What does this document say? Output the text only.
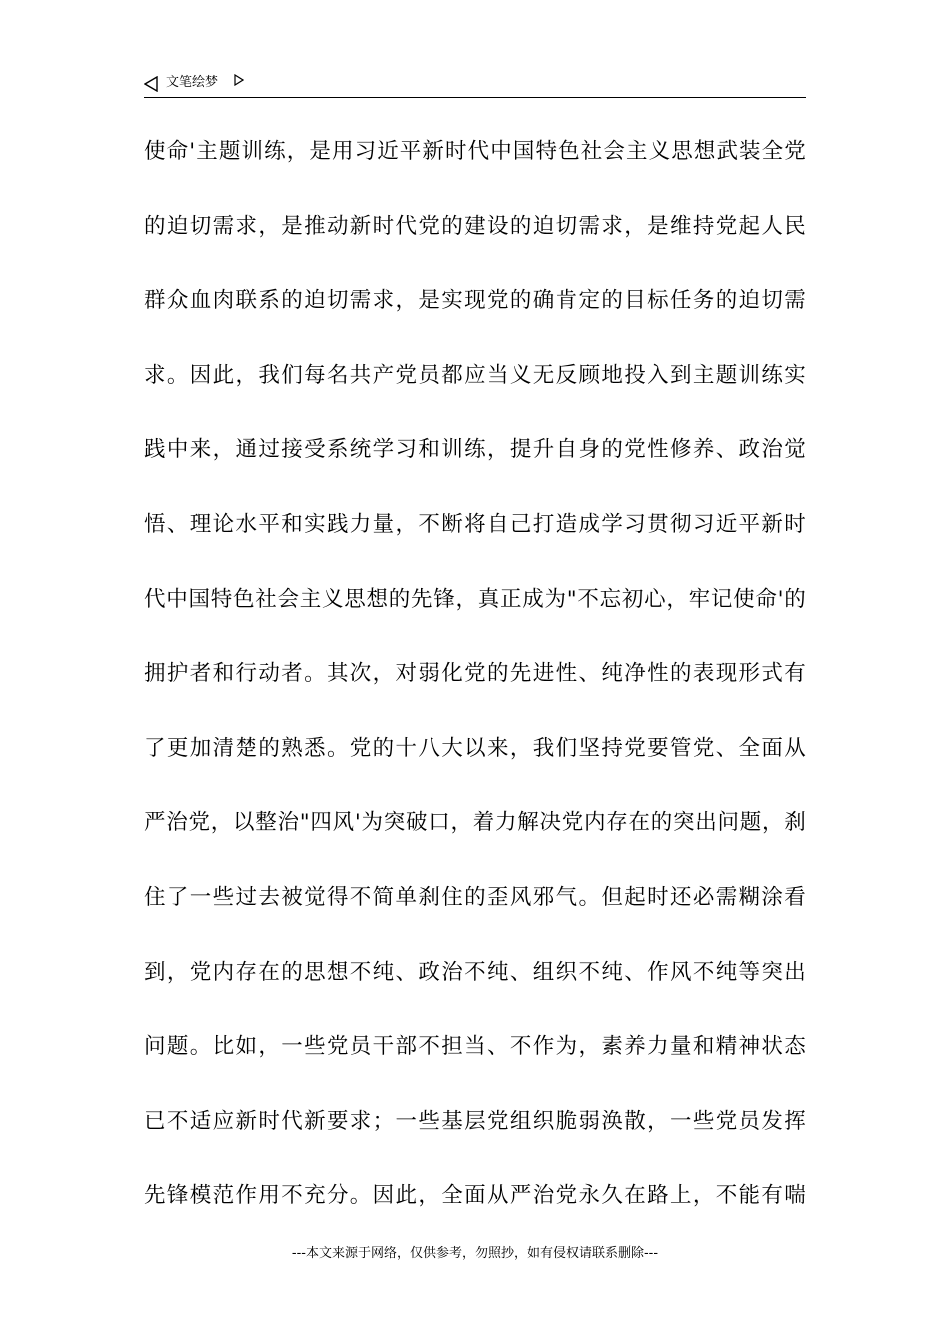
文笔绘梦
使命'主题训练，是用习近平新时代中国特色社会主义思想武装全党
的迫切需求，是推动新时代党的建设的迫切需求，是维持党起人民
群众血肉联系的迫切需求，是实现党的确肯定的目标任务的迫切需
求。因此，我们每名共产党员都应当义无反顾地投入到主题训练实
践中来，通过接受系统学习和训练，提升自身的党性修养、政治觉
悟、理论水平和实践力量，不断将自己打造成学习贯彻习近平新时
代中国特色社会主义思想的先锋，真正成为"不忘初心，牢记使命'的
拥护者和行动者。其次，对弱化党的先进性、纯净性的表现形式有
了更加清楚的熟悉。党的十八大以来，我们坚持党要管党、全面从
严治党，以整治"四风'为突破口，着力解决党内存在的突出问题，刹
住了一些过去被觉得不简单刹住的歪风邪气。但起时还必需糊涂看
到，党内存在的思想不纯、政治不纯、组织不纯、作风不纯等突出
问题。比如，一些党员干部不担当、不作为，素养力量和精神状态
已不适应新时代新要求；一些基层党组织脆弱涣散，一些党员发挥
先锋模范作用不充分。因此，全面从严治党永久在路上，不能有喘
---本文来源于网络，仅供参考，勿照抄，如有侵权请联系删除---
